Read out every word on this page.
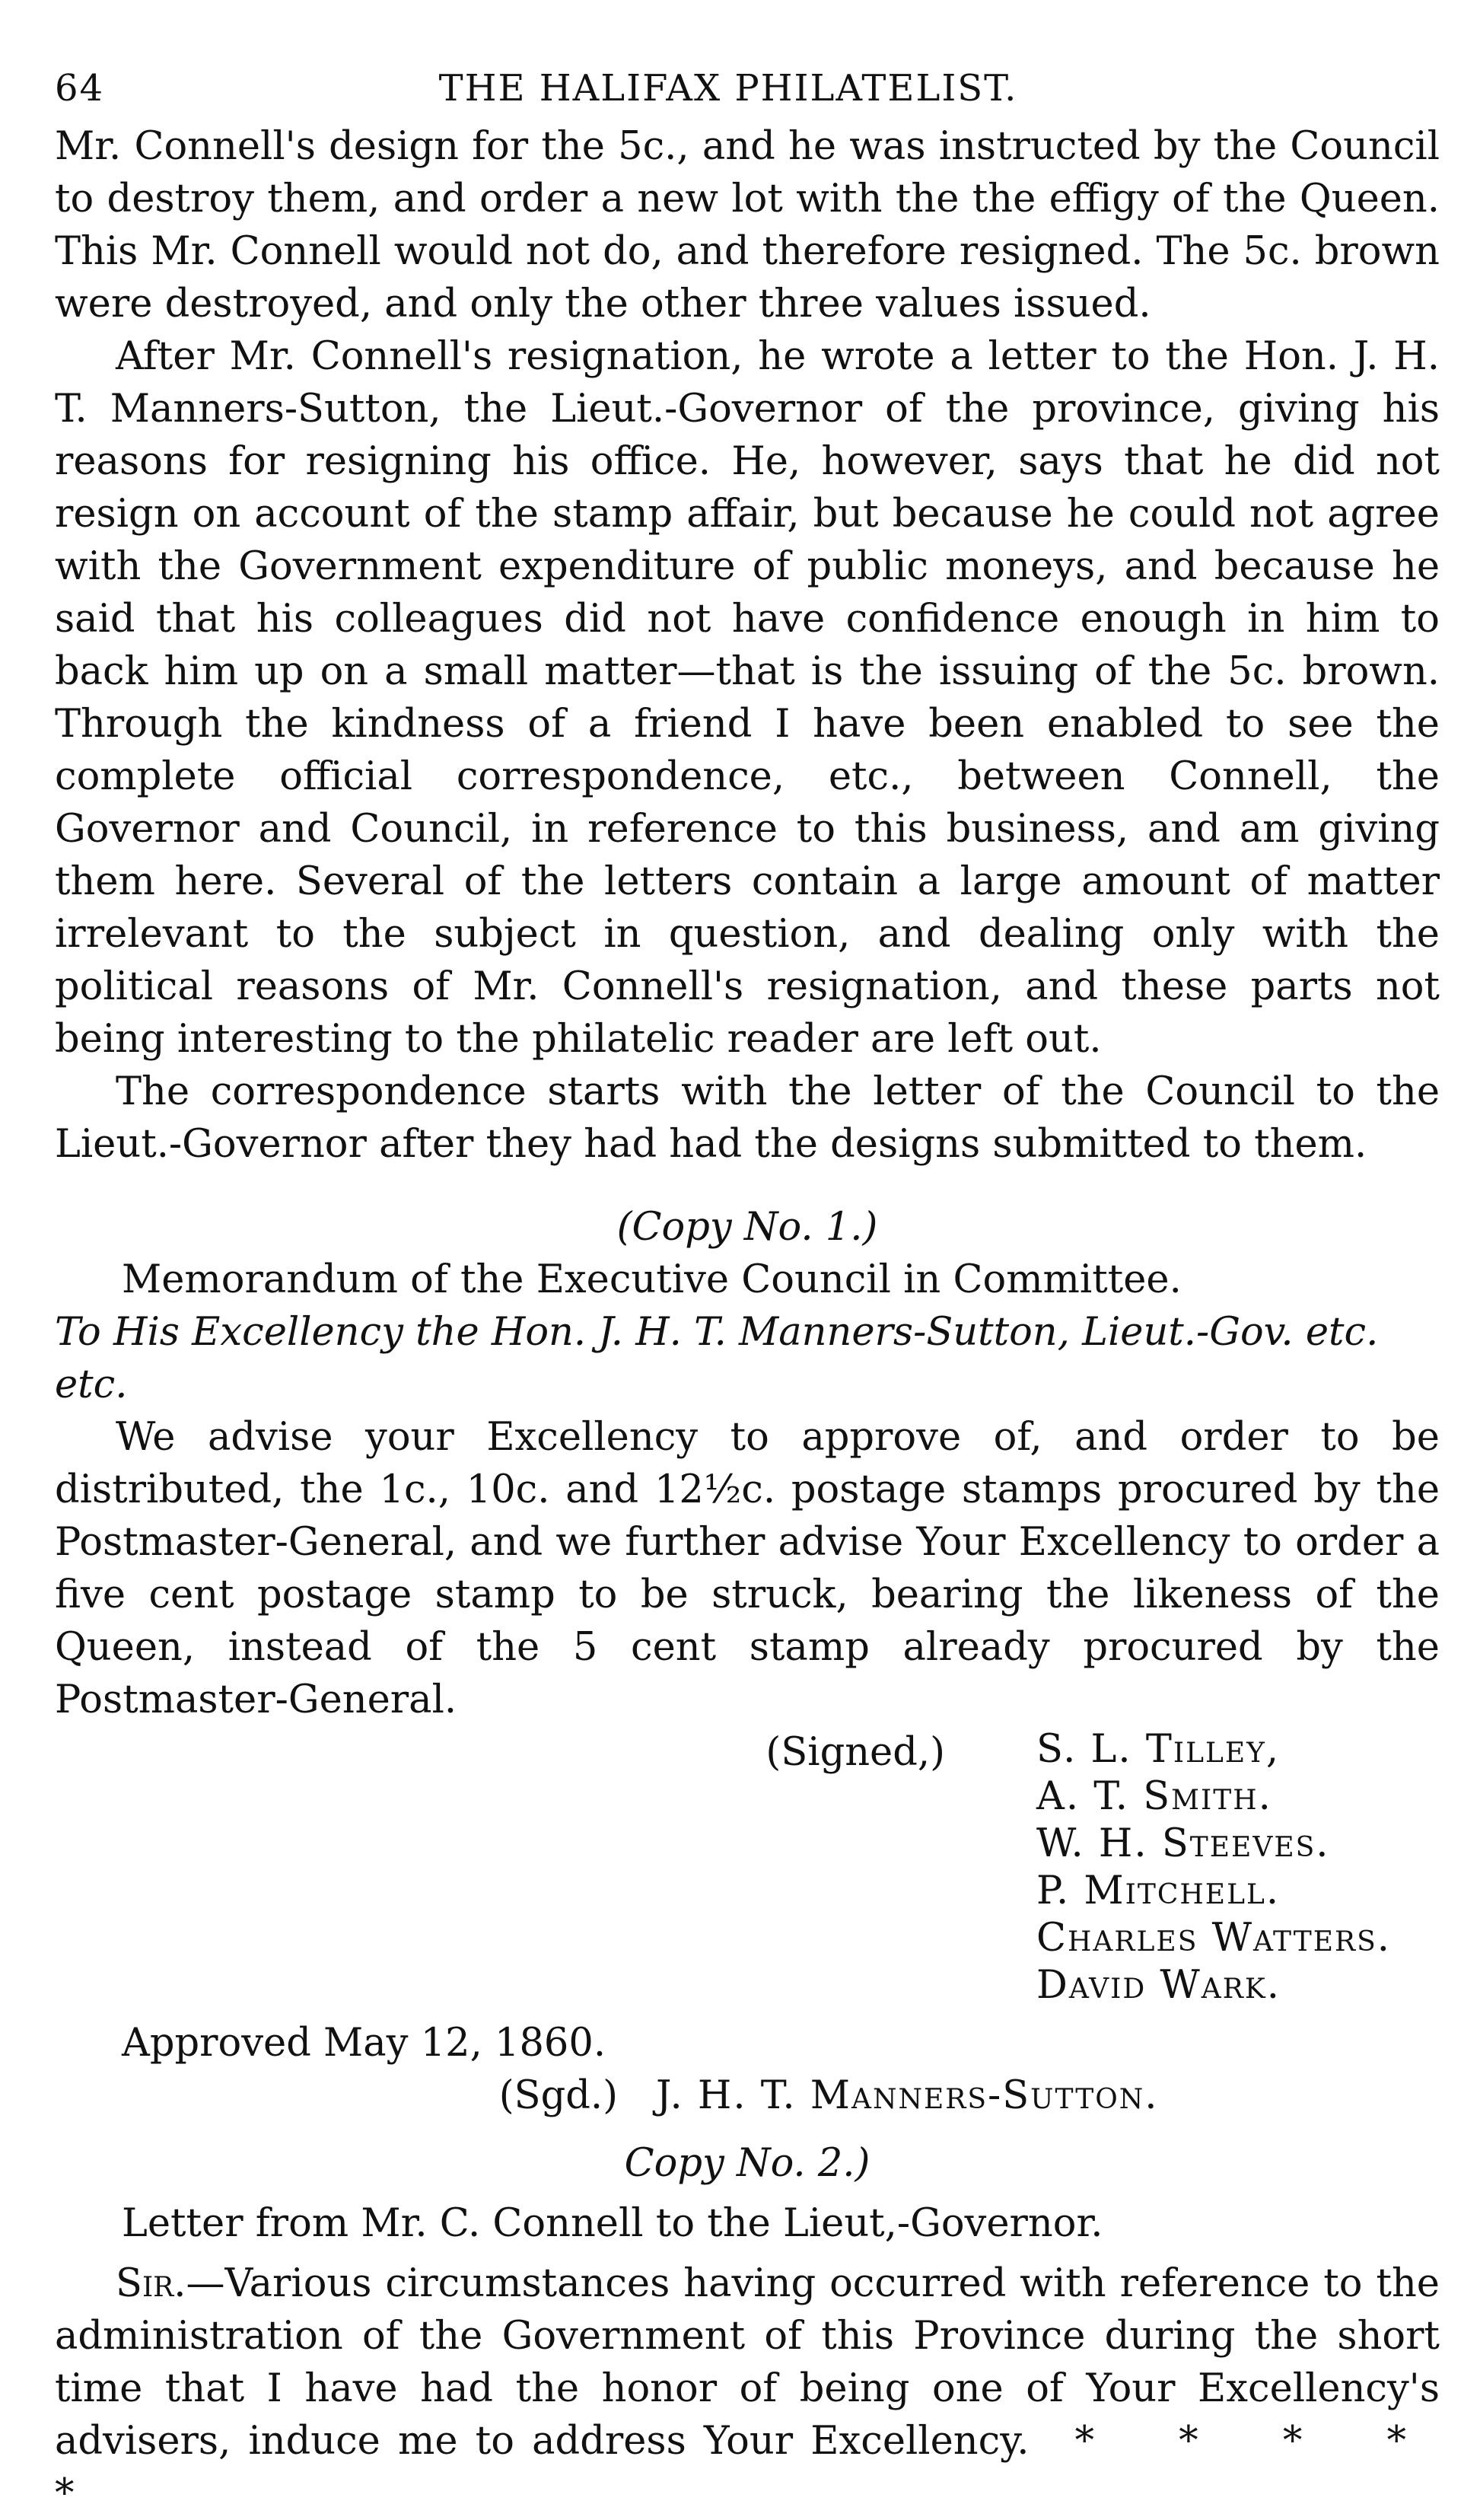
64	THE HALIFAX PHILATELIST.

Mr. Connell's design for the 5c., and he was instructed by the Council to destroy them, and order a new lot with the the effigy of the Queen. This Mr. Connell would not do, and therefore resigned. The 5c. brown were destroyed, and only the other three values issued.

After Mr. Connell's resignation, he wrote a letter to the Hon. J. H. T. Manners-Sutton, the Lieut.-Governor of the province, giving his reasons for resigning his office. He, however, says that he did not resign on account of the stamp affair, but because he could not agree with the Government expenditure of public moneys, and because he said that his colleagues did not have confidence enough in him to back him up on a small matter—that is the issuing of the 5c. brown. Through the kindness of a friend I have been enabled to see the complete official correspondence, etc., between Connell, the Governor and Council, in reference to this business, and am giving them here. Several of the letters contain a large amount of matter irrelevant to the subject in question, and dealing only with the political reasons of Mr. Connell's resignation, and these parts not being interesting to the philatelic reader are left out.

The correspondence starts with the letter of the Council to the Lieut.-Governor after they had had the designs submitted to them.

(Copy No. 1.)

Memorandum of the Executive Council in Committee.

To His Excellency the Hon. J. H. T. Manners-Sutton, Lieut.-Gov. etc. etc.

We advise your Excellency to approve of, and order to be distributed, the 1c., 10c. and 12½c. postage stamps procured by the Postmaster-General, and we further advise Your Excellency to order a five cent postage stamp to be struck, bearing the likeness of the Queen, instead of the 5 cent stamp already procured by the Postmaster-General.

(Signed,)	S. L. Tilley,
A. T. Smith.
W. H. Steeves.
P. Mitchell.
Charles Watters.
David Wark.

Approved May 12, 1860.

(Sgd.) J. H. T. Manners-Sutton.

Copy No. 2.)

Letter from Mr. C. Connell to the Lieut,-Governor.

Sir.—Various circumstances having occurred with reference to the administration of the Government of this Province during the short time that I have had the honor of being one of Your Excellency's advisers, induce me to address Your Excellency. * * * * *
